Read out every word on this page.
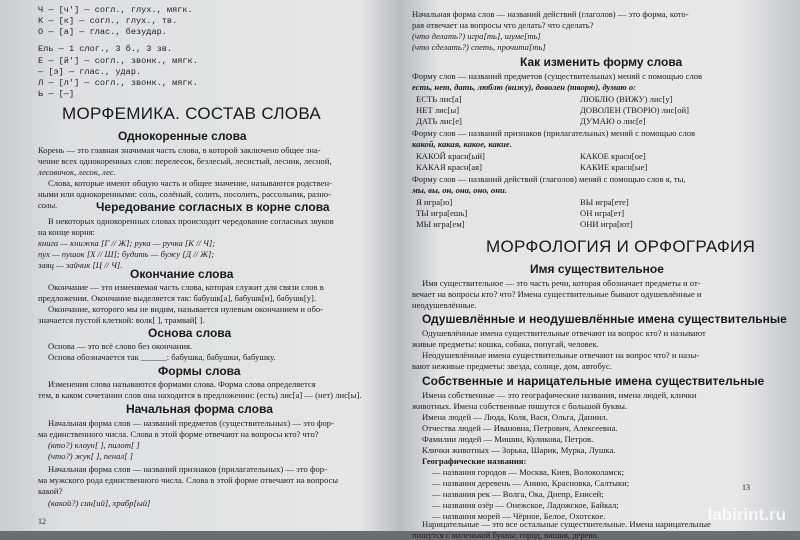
Ч — [ч'] — согл., глух., мягк.
К — [к] — согл., глух., тв.
О — [а] — глас., безудар.
Ель — 1 слог., 3 б., 3 зв.
Е — [й'] — согл., звонк., мягк.
— [э] — глас., удар.
Л — [л'] — согл., звонк., мягк.
Ь — [—]
МОРФЕМИКА. СОСТАВ СЛОВА
Однокоренные слова
Корень — это главная значимая часть слова, в которой заключено общее зна-
чение всех однокоренных слов: перелесок, безлесый, лесистый, лесник, лесной,
лесовичок, лесок, лес.
Слова, которые имеют общую часть и общее значение, называются родствен-
ными или однокоренными: соль, солёный, солить, посолить, рассольник, разно-
солы.	Чередование согласных в корне слова
В некоторых однокоренных словах происходит чередование согласных звуков
на конце корня:
книга — книжка [Г // Ж]; рука — ручка [К // Ч];
пух — пушок [Х // Ш]; будить — бужу [Д // Ж];
заяц — зайчик [Ц // Ч].
Окончание слова
Окончание — это изменяемая часть слова, которая служит для связи слов в
предложении. Окончание выделяется так: бабушк[а], бабушк[и], бабушк[у].
Окончание, которого мы не видим, называется нулевым окончанием и обо-
значается пустой клеткой: волк[ ], трамвай[ ].
Основа слова
Основа — это всё слово без окончания.
Основа обозначается так ______: бабушка, бабушки, бабушку.
Формы слова
Изменения слова называются формами слова. Форма слова определяется
тем, в каком сочетании слов она находится в предложении: (есть) лис[а] — (нет) лис[ы].
Начальная форма слова
Начальная форма слов — названий предметов (существительных) — это фор-
ма единственного числа. Слова в этой форме отвечают на вопросы кто? что?
(кто?) клоун[ ], пилот[ ]
(что?) жук[ ], пенал[ ]
Начальная форма слов — названий признаков (прилагательных) — это фор-
ма мужского рода единственного числа. Слова в этой форме отвечают на вопросы
какой?
(какой?) син[ий], храбр[ый]
12
Начальная форма слов — названий действий (глаголов) — это форма, кото-
рая отвечает на вопросы что делать? что сделать?
(что делать?) игра[ть], шуме[ть]
(что сделать?) спеть, прочита[ть]
Как изменить форму слова
Форму слов — названий предметов (существительных) меняй с помощью слов
есть, нет, дать, люблю (вижу), доволен (творю), думаю о:
ЕСТЬ лис[а]	ЛЮБЛЮ (ВИЖУ) лис[у]
НЕТ лис[ы]	ДОВОЛЕН (ТВОРЮ) лис[ой]
ДАТЬ лис[е]	ДУМАЮ о лис[е]
Форму слов — названий признаков (прилагательных) меняй с помощью слов
какой, какая, какое, какие.
КАКОЙ красн[ый]	КАКОЕ красн[ое]
КАКАЯ красн[ая]	КАКИЕ красн[ые]
Форму слов — названий действий (глаголов) меняй с помощью слов я, ты,
мы, вы, он, она, оно, они.
Я игра[ю]	ВЫ игра[ете]
ТЫ игра[ешь]	ОН игра[ет]
МЫ игра[ем]	ОНИ игра[ют]
МОРФОЛОГИЯ И ОРФОГРАФИЯ
Имя существительное
Имя существительное — это часть речи, которая обозначает предметы и от-
вечает на вопросы кто? что? Имена существительные бывают одушевлённые и
неодушевлённые.
Одушевлённые и неодушевлённые имена существительные
Одушевлённые имена существительные отвечают на вопрос кто? и называют
живые предметы: кошка, собака, попугай, человек.
Неодушевлённые имена существительные отвечают на вопрос что? и назы-
вают неживые предметы: звезда, солнце, дом, автобус.
Собственные и нарицательные имена существительные
Имена собственные — это географические названия, имена людей, клички
животных. Имена собственные пишутся с большой буквы.
Имена людей — Люда, Коля, Вася, Ольга, Даниил.
Отчества людей — Ивановна, Петрович, Алексеевна.
Фамилии людей — Мишин, Куликова, Петров.
Клички животных — Зорька, Шарик, Мурка, Лушка.
Географические названия:
— названия городов — Москва, Киев, Волоколамск;
— названия деревень — Анино, Красновка, Салтыки;
— названия рек — Волга, Ока, Днепр, Енисей;
— названия озёр — Онежское, Ладожское, Байкал;
— названия морей — Чёрное, Белое, Охотское.
Нарицательные — это все остальные существительные. Имена нарицательные
пишутся с маленькой буквы: город, вишня, дерево.
13
labirint.ru
